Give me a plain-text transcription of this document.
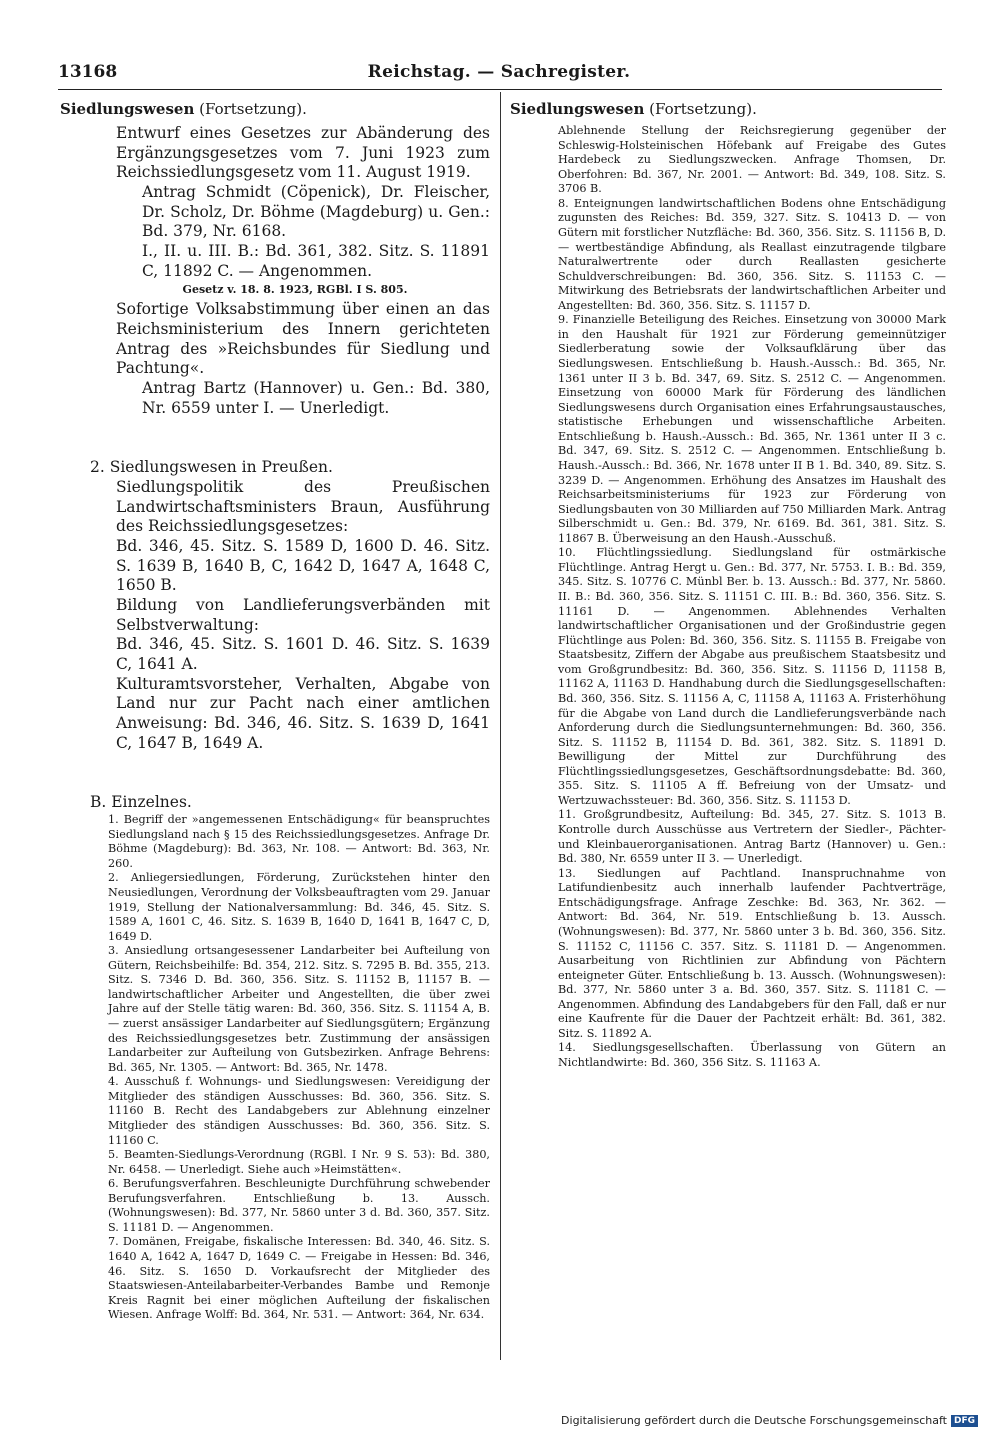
13168	Reichstag. — Sachregister.
Siedlungswesen (Fortsetzung).

Entwurf eines Gesetzes zur Abänderung des Ergänzungsgesetzes vom 7. Juni 1923 zum Reichssiedlungsgesetz vom 11. August 1919.

Antrag Schmidt (Cöpenick), Dr. Fleischer, Dr. Scholz, Dr. Böhme (Magdeburg) u. Gen.: Bd. 379, Nr. 6168.

I., II. u. III. B.: Bd. 361, 382. Sitz. S. 11891 C, 11892 C. — Angenommen.

Gesetz v. 18. 8. 1923, RGBl. I S. 805.

Sofortige Volksabstimmung über einen an das Reichsministerium des Innern gerichteten Antrag des »Reichsbundes für Siedlung und Pachtung«.

Antrag Bartz (Hannover) u. Gen.: Bd. 380, Nr. 6559 unter I. — Unerledigt.

2. Siedlungswesen in Preußen.

Siedlungspolitik des Preußischen Landwirtschaftsministers Braun, Ausführung des Reichssiedlungsgesetzes:

Bd. 346, 45. Sitz. S. 1589 D, 1600 D. 46. Sitz. S. 1639 B, 1640 B, C, 1642 D, 1647 A, 1648 C, 1650 B.

Bildung von Landlieferungsverbänden mit Selbstverwaltung:

Bd. 346, 45. Sitz. S. 1601 D. 46. Sitz. S. 1639 C, 1641 A.

Kulturamtsvorsteher, Verhalten, Abgabe von Land nur zur Pacht nach einer amtlichen Anweisung: Bd. 346, 46. Sitz. S. 1639 D, 1641 C, 1647 B, 1649 A.

B. Einzelnes.

1. Begriff der »angemessenen Entschädigung« für beanspruchtes Siedlungsland nach § 15 des Reichssiedlungsgesetzes. Anfrage Dr. Böhme (Magdeburg): Bd. 363, Nr. 108. — Antwort: Bd. 363, Nr. 260.

2. Anliegersiedlungen, Förderung, Zurückstehen hinter den Neusiedlungen, Verordnung der Volksbeauftragten vom 29. Januar 1919, Stellung der Nationalversammlung: Bd. 346, 45. Sitz. S. 1589 A, 1601 C, 46. Sitz. S. 1639 B, 1640 D, 1641 B, 1647 C, D, 1649 D.

3. Ansiedlung ortsangesessener Landarbeiter bei Aufteilung von Gütern, Reichsbeihilfe: Bd. 354, 212. Sitz. S. 7295 B. Bd. 355, 213. Sitz. S. 7346 D. Bd. 360, 356. Sitz. S. 11152 B, 11157 B. — landwirtschaftlicher Arbeiter und Angestellten, die über zwei Jahre auf der Stelle tätig waren: Bd. 360, 356. Sitz. S. 11154 A, B. — zuerst ansässiger Landarbeiter auf Siedlungsgütern; Ergänzung des Reichssiedlungsgesetzes betr. Zustimmung der ansässigen Landarbeiter zur Aufteilung von Gutsbezirken. Anfrage Behrens: Bd. 365, Nr. 1305. — Antwort: Bd. 365, Nr. 1478.

4. Ausschuß f. Wohnungs- und Siedlungswesen: Vereidigung der Mitglieder des ständigen Ausschusses: Bd. 360, 356. Sitz. S. 11160 B. Recht des Landabgebers zur Ablehnung einzelner Mitglieder des ständigen Ausschusses: Bd. 360, 356. Sitz. S. 11160 C.

5. Beamten-Siedlungs-Verordnung (RGBl. I Nr. 9 S. 53): Bd. 380, Nr. 6458. — Unerledigt. Siehe auch »Heimstätten«.

6. Berufungsverfahren. Beschleunigte Durchführung schwebender Berufungsverfahren. Entschließung b. 13. Aussch. (Wohnungswesen): Bd. 377, Nr. 5860 unter 3 d. Bd. 360, 357. Sitz. S. 11181 D. — Angenommen.

7. Domänen, Freigabe, fiskalische Interessen: Bd. 340, 46. Sitz. S. 1640 A, 1642 A, 1647 D, 1649 C. — Freigabe in Hessen: Bd. 346, 46. Sitz. S. 1650 D. Vorkaufsrecht der Mitglieder des Staatswiesen-Anteilabarbeiter-Verbandes Bambe und Remonje Kreis Ragnit bei einer möglichen Aufteilung der fiskalischen Wiesen. Anfrage Wolff: Bd. 364, Nr. 531. — Antwort: 364, Nr. 634.

Siedlungswesen (Fortsetzung).

Ablehnende Stellung der Reichsregierung gegenüber der Schleswig-Holsteinischen Höfebank auf Freigabe des Gutes Hardebeck zu Siedlungszwecken. Anfrage Thomsen, Dr. Oberfohren: Bd. 367, Nr. 2001. — Antwort: Bd. 349, 108. Sitz. S. 3706 B.

8. Enteignungen landwirtschaftlichen Bodens ohne Entschädigung zugunsten des Reiches: Bd. 359, 327. Sitz. S. 10413 D. — von Gütern mit forstlicher Nutzfläche: Bd. 360, 356. Sitz. S. 11156 B, D. — wertbeständige Abfindung, als Reallast einzutragende tilgbare Naturalwertrente oder durch Reallasten gesicherte Schuldverschreibungen: Bd. 360, 356. Sitz. S. 11153 C. — Mitwirkung des Betriebsrats der landwirtschaftlichen Arbeiter und Angestellten: Bd. 360, 356. Sitz. S. 11157 D.

9. Finanzielle Beteiligung des Reiches. Einsetzung von 30000 Mark in den Haushalt für 1921 zur Förderung gemeinnütziger Siedlerberatung sowie der Volksaufklärung über das Siedlungswesen. Entschließung b. Haush.-Aussch.: Bd. 365, Nr. 1361 unter II 3 b. Bd. 347, 69. Sitz. S. 2512 C. — Angenommen. Einsetzung von 60000 Mark für Förderung des ländlichen Siedlungswesens durch Organisation eines Erfahrungsaustausches, statistische Erhebungen und wissenschaftliche Arbeiten. Entschließung b. Haush.-Aussch.: Bd. 365, Nr. 1361 unter II 3 c. Bd. 347, 69. Sitz. S. 2512 C. — Angenommen. Entschließung b. Haush.-Aussch.: Bd. 366, Nr. 1678 unter II B 1. Bd. 340, 89. Sitz. S. 3239 D. — Angenommen. Erhöhung des Ansatzes im Haushalt des Reichsarbeitsministeriums für 1923 zur Förderung von Siedlungsbauten von 30 Milliarden auf 750 Milliarden Mark. Antrag Silberschmidt u. Gen.: Bd. 379, Nr. 6169. Bd. 361, 381. Sitz. S. 11867 B. Überweisung an den Haush.-Ausschuß.

10. Flüchtlingssiedlung. Siedlungsland für ostmärkische Flüchtlinge. Antrag Hergt u. Gen.: Bd. 377, Nr. 5753. I. B.: Bd. 359, 345. Sitz. S. 10776 C. Münbl Ber. b. 13. Aussch.: Bd. 377, Nr. 5860. II. B.: Bd. 360, 356. Sitz. S. 11151 C. III. B.: Bd. 360, 356. Sitz. S. 11161 D. — Angenommen. Ablehnendes Verhalten landwirtschaftlicher Organisationen und der Großindustrie gegen Flüchtlinge aus Polen: Bd. 360, 356. Sitz. S. 11155 B. Freigabe von Staatsbesitz, Ziffern der Abgabe aus preußischem Staatsbesitz und vom Großgrundbesitz: Bd. 360, 356. Sitz. S. 11156 D, 11158 B, 11162 A, 11163 D. Handhabung durch die Siedlungsgesellschaften: Bd. 360, 356. Sitz. S. 11156 A, C, 11158 A, 11163 A. Fristerhöhung für die Abgabe von Land durch die Landlieferungsverbände nach Anforderung durch die Siedlungsunternehmungen: Bd. 360, 356. Sitz. S. 11152 B, 11154 D. Bd. 361, 382. Sitz. S. 11891 D. Bewilligung der Mittel zur Durchführung des Flüchtlingssiedlungsgesetzes, Geschäftsordnungsdebatte: Bd. 360, 355. Sitz. S. 11105 A ff. Befreiung von der Umsatz- und Wertzuwachssteuer: Bd. 360, 356. Sitz. S. 11153 D.

11. Großgrundbesitz, Aufteilung: Bd. 345, 27. Sitz. S. 1013 B. Kontrolle durch Ausschüsse aus Vertretern der Siedler-, Pächter- und Kleinbauerorganisationen. Antrag Bartz (Hannover) u. Gen.: Bd. 380, Nr. 6559 unter II 3. — Unerledigt.

13. Siedlungen auf Pachtland. Inanspruchnahme von Latifundienbesitz auch innerhalb laufender Pachtverträge, Entschädigungsfrage. Anfrage Zeschke: Bd. 363, Nr. 362. — Antwort: Bd. 364, Nr. 519. Entschließung b. 13. Aussch. (Wohnungswesen): Bd. 377, Nr. 5860 unter 3 b. Bd. 360, 356. Sitz. S. 11152 C, 11156 C. 357. Sitz. S. 11181 D. — Angenommen. Ausarbeitung von Richtlinien zur Abfindung von Pächtern enteigneter Güter. Entschließung b. 13. Aussch. (Wohnungswesen): Bd. 377, Nr. 5860 unter 3 a. Bd. 360, 357. Sitz. S. 11181 C. — Angenommen. Abfindung des Landabgebers für den Fall, daß er nur eine Kaufrente für die Dauer der Pachtzeit erhält: Bd. 361, 382. Sitz. S. 11892 A.

14. Siedlungsgesellschaften. Überlassung von Gütern an Nichtlandwirte: Bd. 360, 356 Sitz. S. 11163 A.

Digitalisierung gefördert durch die Deutsche Forschungsgemeinschaft DFG
